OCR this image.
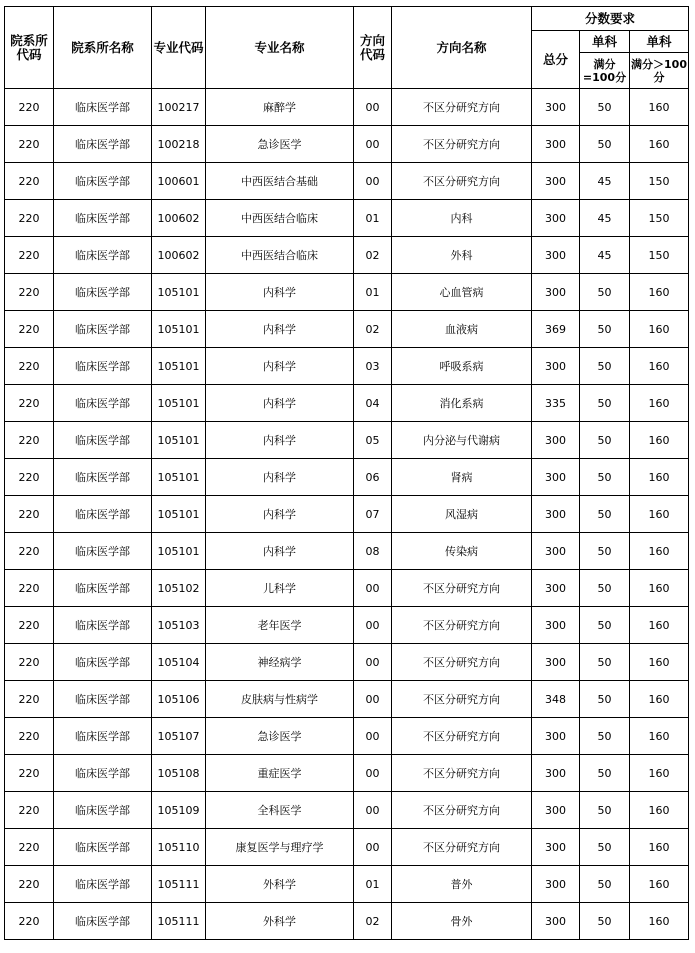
院系所代码	院系所名称	专业代码	专业名称	方向代码	方向名称	分数要求		
						总分	单科	单科
							满分=100分	满分＞100分
220	临床医学部	100217	麻醉学	00	不区分研究方向	300	50	160
220	临床医学部	100218	急诊医学	00	不区分研究方向	300	50	160
220	临床医学部	100601	中西医结合基础	00	不区分研究方向	300	45	150
220	临床医学部	100602	中西医结合临床	01	内科	300	45	150
220	临床医学部	100602	中西医结合临床	02	外科	300	45	150
220	临床医学部	105101	内科学	01	心血管病	300	50	160
220	临床医学部	105101	内科学	02	血液病	369	50	160
220	临床医学部	105101	内科学	03	呼吸系病	300	50	160
220	临床医学部	105101	内科学	04	消化系病	335	50	160
220	临床医学部	105101	内科学	05	内分泌与代谢病	300	50	160
220	临床医学部	105101	内科学	06	肾病	300	50	160
220	临床医学部	105101	内科学	07	风湿病	300	50	160
220	临床医学部	105101	内科学	08	传染病	300	50	160
220	临床医学部	105102	儿科学	00	不区分研究方向	300	50	160
220	临床医学部	105103	老年医学	00	不区分研究方向	300	50	160
220	临床医学部	105104	神经病学	00	不区分研究方向	300	50	160
220	临床医学部	105106	皮肤病与性病学	00	不区分研究方向	348	50	160
220	临床医学部	105107	急诊医学	00	不区分研究方向	300	50	160
220	临床医学部	105108	重症医学	00	不区分研究方向	300	50	160
220	临床医学部	105109	全科医学	00	不区分研究方向	300	50	160
220	临床医学部	105110	康复医学与理疗学	00	不区分研究方向	300	50	160
220	临床医学部	105111	外科学	01	普外	300	50	160
220	临床医学部	105111	外科学	02	骨外	300	50	160
